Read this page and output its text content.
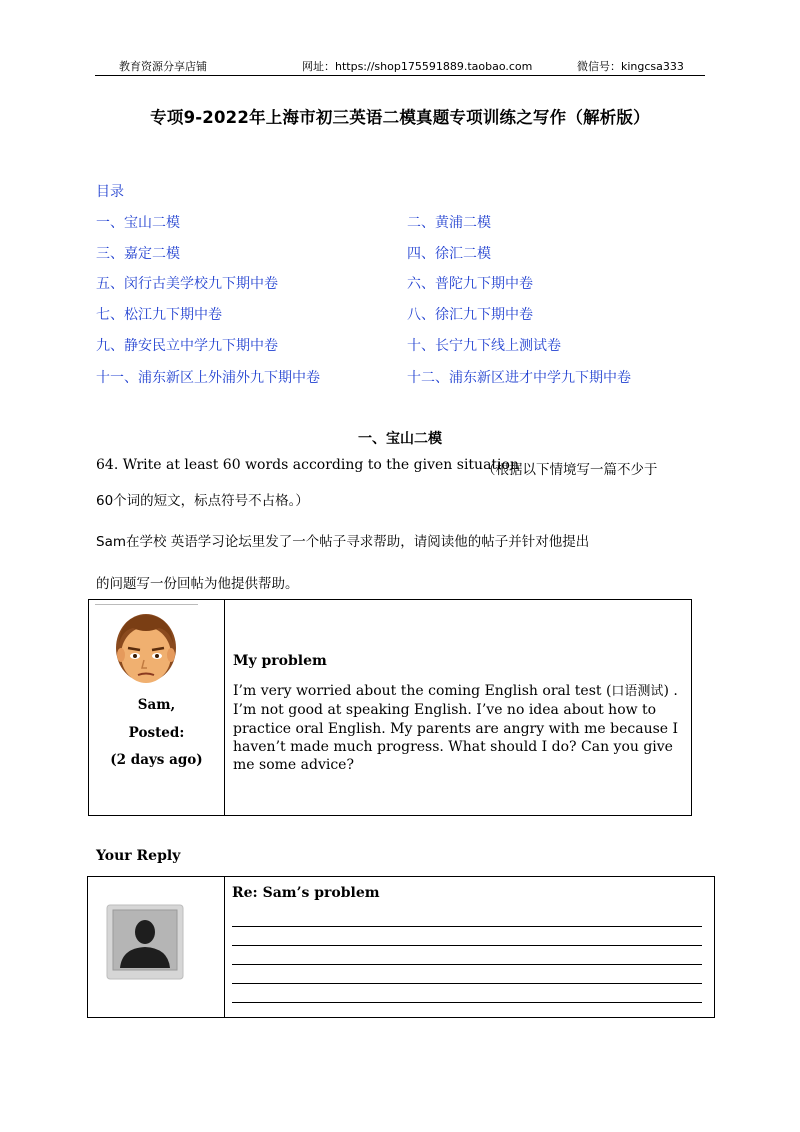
教育资源分享店铺	网址：https://shop175591889.taobao.com	微信号：kingcsa333
专项9-2022年上海市初三英语二模真题专项训练之写作（解析版）
目录
一、宝山二模	二、黄浦二模
三、嘉定二模	四、徐汇二模
五、闵行古美学校九下期中卷	六、普陀九下期中卷
七、松江九下期中卷	八、徐汇九下期中卷
九、静安民立中学九下期中卷	十、长宁九下线上测试卷
十一、浦东新区上外浦外九下期中卷	十二、浦东新区进才中学九下期中卷
一、宝山二模
64. Write at least 60 words according to the given situation
（根据以下情境写一篇不少于
60个词的短文，标点符号不占格。）
Sam在学校 英语学习论坛里发了一个帖子寻求帮助，请阅读他的帖子并针对他提出
的问题写一份回帖为他提供帮助。
Sam,
Posted:
(2 days ago)
My problem
I’m very worried about the coming English oral test (口语测试) . I’m not good at speaking English. I’ve no idea about how to practice oral English. My parents are angry with me because I haven’t made much progress. What should I do? Can you give me some advice?
Your Reply
Re: Sam’s problem
